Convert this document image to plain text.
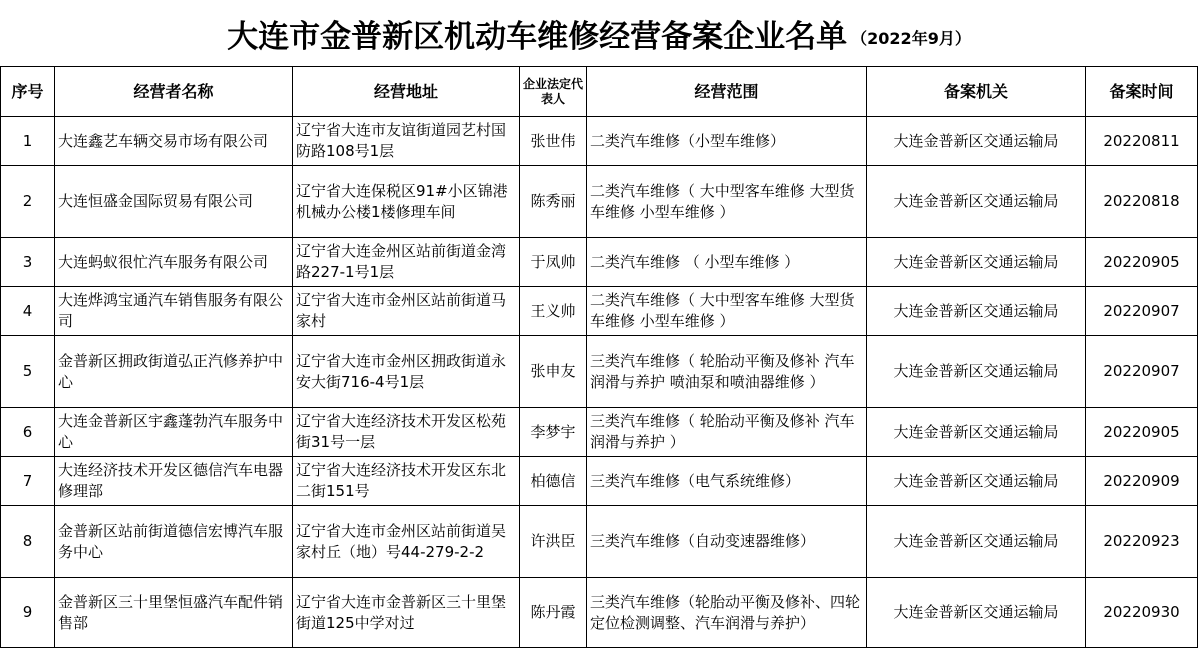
大连市金普新区机动车维修经营备案企业名单 （2022年9月）
序号	经营者名称	经营地址	企业法定代表人	经营范围	备案机关	备案时间
1	大连鑫艺车辆交易市场有限公司	辽宁省大连市友谊街道园艺村国防路108号1层	张世伟	二类汽车维修（小型车维修）	大连金普新区交通运输局	20220811
2	大连恒盛金国际贸易有限公司	辽宁省大连保税区91#小区锦港机械办公楼1楼修理车间	陈秀丽	二类汽车维修（ 大中型客车维修 大型货车维修 小型车维修 ）	大连金普新区交通运输局	20220818
3	大连蚂蚁很忙汽车服务有限公司	辽宁省大连金州区站前街道金湾路227-1号1层	于凤帅	二类汽车维修 （ 小型车维修 ）	大连金普新区交通运输局	20220905
4	大连烨鸿宝通汽车销售服务有限公司	辽宁省大连市金州区站前街道马家村	王义帅	二类汽车维修（ 大中型客车维修 大型货车维修 小型车维修 ）	大连金普新区交通运输局	20220907
5	金普新区拥政街道弘正汽修养护中心	辽宁省大连市金州区拥政街道永安大街716-4号1层	张申友	三类汽车维修（ 轮胎动平衡及修补 汽车润滑与养护 喷油泵和喷油器维修 ）	大连金普新区交通运输局	20220907
6	大连金普新区宇鑫蓬勃汽车服务中心	辽宁省大连经济技术开发区松苑街31号一层	李梦宇	三类汽车维修（ 轮胎动平衡及修补 汽车润滑与养护 ）	大连金普新区交通运输局	20220905
7	大连经济技术开发区德信汽车电器修理部	辽宁省大连经济技术开发区东北二街151号	柏德信	三类汽车维修（电气系统维修）	大连金普新区交通运输局	20220909
8	金普新区站前街道德信宏博汽车服务中心	辽宁省大连市金州区站前街道吴家村丘（地）号44-279-2-2	许洪臣	三类汽车维修（自动变速器维修）	大连金普新区交通运输局	20220923
9	金普新区三十里堡恒盛汽车配件销售部	辽宁省大连市金普新区三十里堡街道125中学对过	陈丹霞	三类汽车维修（轮胎动平衡及修补、四轮定位检测调整、汽车润滑与养护）	大连金普新区交通运输局	20220930
